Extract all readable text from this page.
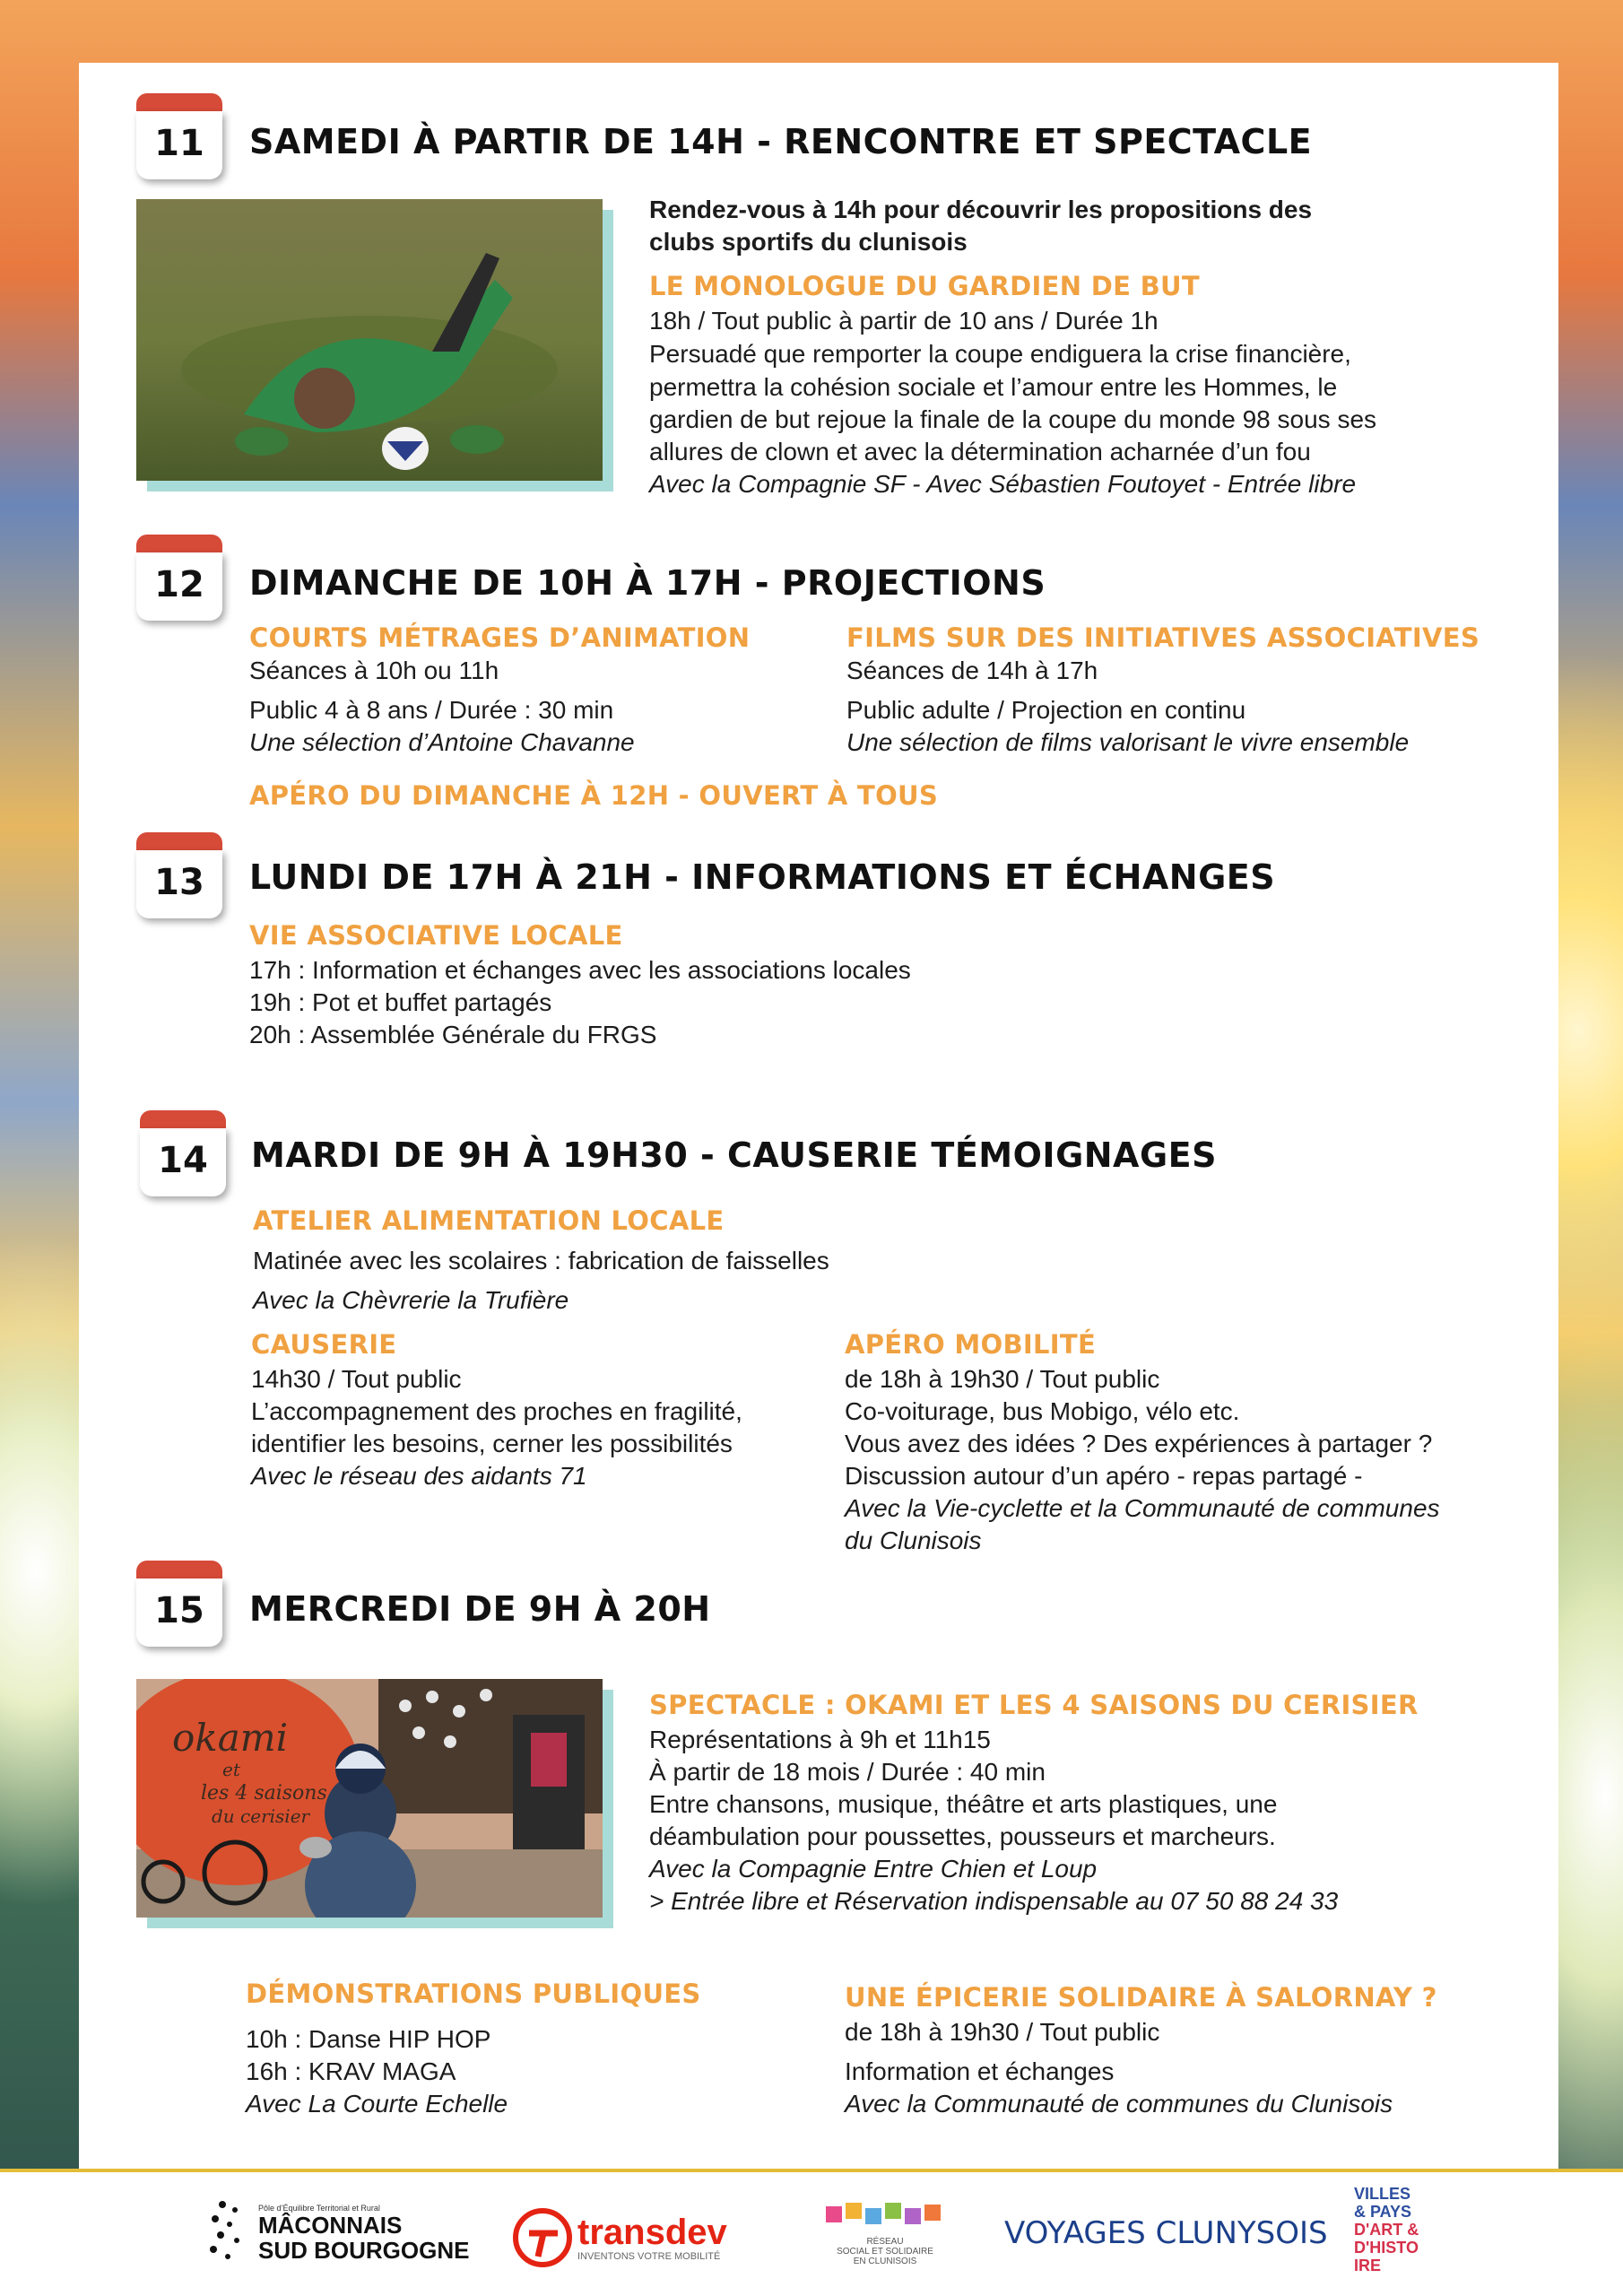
11	SAMEDI À PARTIR DE 14H - RENCONTRE ET SPECTACLE
Rendez-vous à 14h pour découvrir les propositions des
clubs sportifs du clunisois
LE MONOLOGUE DU GARDIEN DE BUT
18h / Tout public à partir de 10 ans / Durée 1h
Persuadé que remporter la coupe endiguera la crise financière,
permettra la cohésion sociale et l’amour entre les Hommes, le
gardien de but rejoue la finale de la coupe du monde 98 sous ses
allures de clown et avec la détermination acharnée d’un fou
Avec la Compagnie SF - Avec Sébastien Foutoyet - Entrée libre
12	DIMANCHE DE 10H À 17H - PROJECTIONS
COURTS MÉTRAGES D’ANIMATION
Séances à 10h ou 11h
Public 4 à 8 ans / Durée : 30 min
Une sélection d’Antoine Chavanne
FILMS SUR DES INITIATIVES ASSOCIATIVES
Séances de 14h à 17h
Public adulte / Projection en continu
Une sélection de films valorisant le vivre ensemble
APÉRO DU DIMANCHE À 12H - OUVERT À TOUS
13	LUNDI DE 17H À 21H - INFORMATIONS ET ÉCHANGES
VIE ASSOCIATIVE LOCALE
17h : Information et échanges avec les associations locales
19h : Pot et buffet partagés
20h : Assemblée Générale du FRGS
14	MARDI DE 9H À 19H30 - CAUSERIE TÉMOIGNAGES
ATELIER ALIMENTATION LOCALE
Matinée avec les scolaires : fabrication de faisselles
Avec la Chèvrerie la Trufière
CAUSERIE
14h30 / Tout public
L’accompagnement des proches en fragilité,
identifier les besoins, cerner les possibilités
Avec le réseau des aidants 71
APÉRO MOBILITÉ
de 18h à 19h30 / Tout public
Co-voiturage, bus Mobigo, vélo etc.
Vous avez des idées ? Des expériences à partager ?
Discussion autour d’un apéro - repas partagé -
Avec la Vie-cyclette et la Communauté de communes
du Clunisois
15	MERCREDI DE 9H À 20H
okami
et
les 4 saisons
du cerisier
SPECTACLE : OKAMI ET LES 4 SAISONS DU CERISIER
Représentations à 9h et 11h15
À partir de 18 mois / Durée : 40 min
Entre chansons, musique, théâtre et arts plastiques, une
déambulation pour poussettes, pousseurs et marcheurs.
Avec la Compagnie Entre Chien et Loup
> Entrée libre et Réservation indispensable au 07 50 88 24 33
DÉMONSTRATIONS PUBLIQUES
10h : Danse HIP HOP
16h : KRAV MAGA
Avec La Courte Echelle
UNE ÉPICERIE SOLIDAIRE À SALORNAY ?
de 18h à 19h30 / Tout public
Information et échanges
Avec la Communauté de communes du Clunisois
Pôle d’Équilibre Territorial et Rural
MÂCONNAIS
SUD BOURGOGNE	transdev
INVENTONS VOTRE MOBILITÉ
RÉSEAU
SOCIAL ET SOLIDAIRE
EN CLUNISOIS
VOYAGES CLUNYSOIS
VILLES
& PAYS
D'ART &
D'HISTO
IRE
